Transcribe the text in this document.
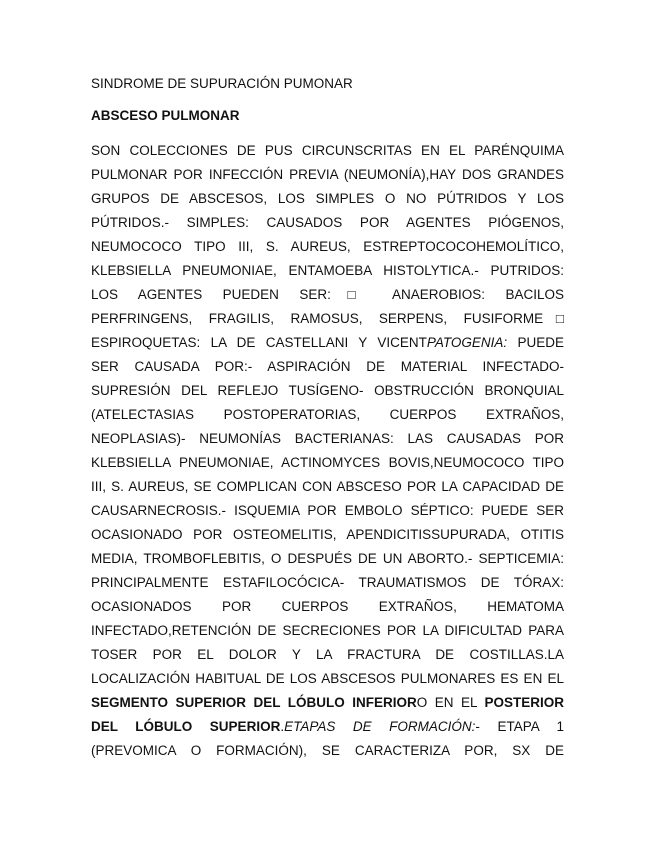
SINDROME DE SUPURACIÓN PUMONAR
ABSCESO PULMONAR
SON COLECCIONES DE PUS CIRCUNSCRITAS EN EL PARÉNQUIMA
PULMONAR POR INFECCIÓN PREVIA (NEUMONÍA),HAY DOS GRANDES
GRUPOS DE ABSCESOS, LOS SIMPLES O NO PÚTRIDOS Y LOS
PÚTRIDOS.- SIMPLES: CAUSADOS POR AGENTES PIÓGENOS,
NEUMOCOCO TIPO III, S. AUREUS, ESTREPTOCOCOHEMOLÍTICO,
KLEBSIELLA PNEUMONIAE, ENTAMOEBA HISTOLYTICA.- PUTRIDOS:
LOS AGENTES PUEDEN SER:□ ANAEROBIOS: BACILOS
PERFRINGENS, FRAGILIS, RAMOSUS, SERPENS, FUSIFORME□
ESPIROQUETAS: LA DE CASTELLANI Y VICENTPATOGENIA: PUEDE
SER CAUSADA POR:- ASPIRACIÓN DE MATERIAL INFECTADO-
SUPRESIÓN DEL REFLEJO TUSÍGENO- OBSTRUCCIÓN BRONQUIAL
(ATELECTASIAS POSTOPERATORIAS, CUERPOS EXTRAÑOS,
NEOPLASIAS)- NEUMONÍAS BACTERIANAS: LAS CAUSADAS POR
KLEBSIELLA PNEUMONIAE, ACTINOMYCES BOVIS,NEUMOCOCO TIPO
III, S. AUREUS, SE COMPLICAN CON ABSCESO POR LA CAPACIDAD DE
CAUSARNECROSIS.- ISQUEMIA POR EMBOLO SÉPTICO: PUEDE SER
OCASIONADO POR OSTEOMELITIS, APENDICITISSUPURADA, OTITIS
MEDIA, TROMBOFLEBITIS, O DESPUÉS DE UN ABORTO.- SEPTICEMIA:
PRINCIPALMENTE ESTAFILOCÓCICA- TRAUMATISMOS DE TÓRAX:
OCASIONADOS POR CUERPOS EXTRAÑOS, HEMATOMA
INFECTADO,RETENCIÓN DE SECRECIONES POR LA DIFICULTAD PARA
TOSER POR EL DOLOR Y LA FRACTURA DE COSTILLAS.LA
LOCALIZACIÓN HABITUAL DE LOS ABSCESOS PULMONARES ES EN EL
SEGMENTO SUPERIOR DEL LÓBULO INFERIORO EN EL POSTERIOR
DEL LÓBULO SUPERIOR.ETAPAS DE FORMACIÓN:- ETAPA 1
(PREVOMICA O FORMACIÓN), SE CARACTERIZA POR, SX DE
